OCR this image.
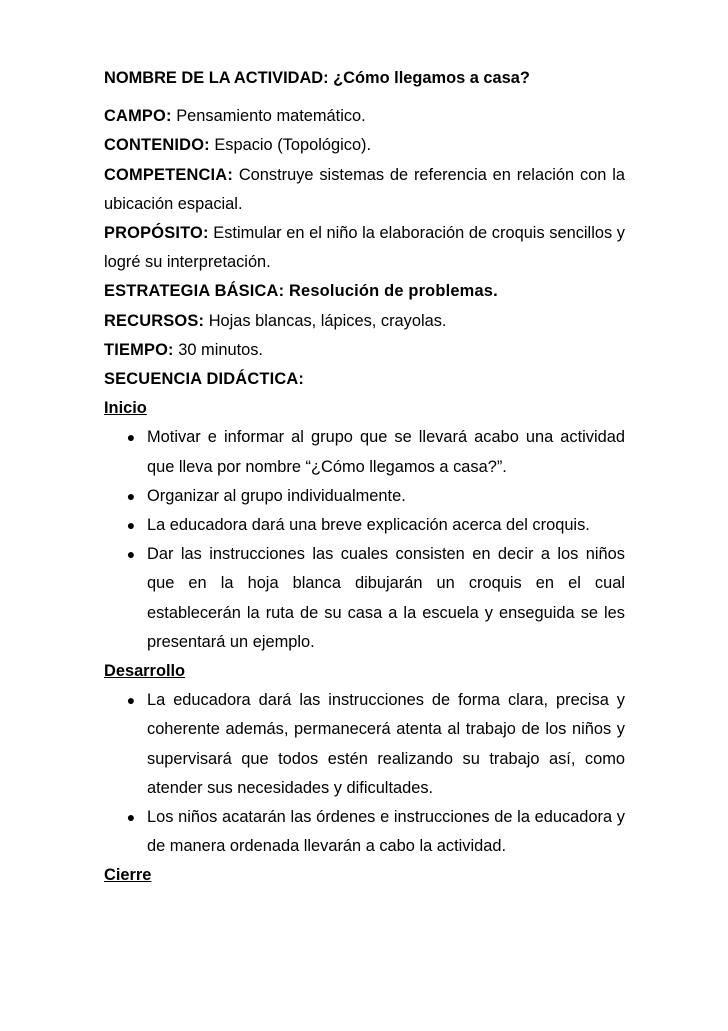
NOMBRE DE LA ACTIVIDAD: ¿Cómo llegamos a casa?

CAMPO: Pensamiento matemático.

CONTENIDO: Espacio (Topológico).

COMPETENCIA: Construye sistemas de referencia en relación con la ubicación espacial.

PROPÓSITO: Estimular en el niño la elaboración de croquis sencillos y logré su interpretación.

ESTRATEGIA BÁSICA: Resolución de problemas.

RECURSOS: Hojas blancas, lápices, crayolas.

TIEMPO: 30 minutos.

SECUENCIA DIDÁCTICA:

Inicio

● Motivar e informar al grupo que se llevará acabo una actividad que lleva por nombre “¿Cómo llegamos a casa?”.
● Organizar al grupo individualmente.
● La educadora dará una breve explicación acerca del croquis.
● Dar las instrucciones las cuales consisten en decir a los niños que en la hoja blanca dibujarán un croquis en el cual establecerán la ruta de su casa a la escuela y enseguida se les presentará un ejemplo.

Desarrollo

● La educadora dará las instrucciones de forma clara, precisa y coherente además, permanecerá atenta al trabajo de los niños y supervisará que todos estén realizando su trabajo así, como atender sus necesidades y dificultades.
● Los niños acatarán las órdenes e instrucciones de la educadora y de manera ordenada llevarán a cabo la actividad.

Cierre
